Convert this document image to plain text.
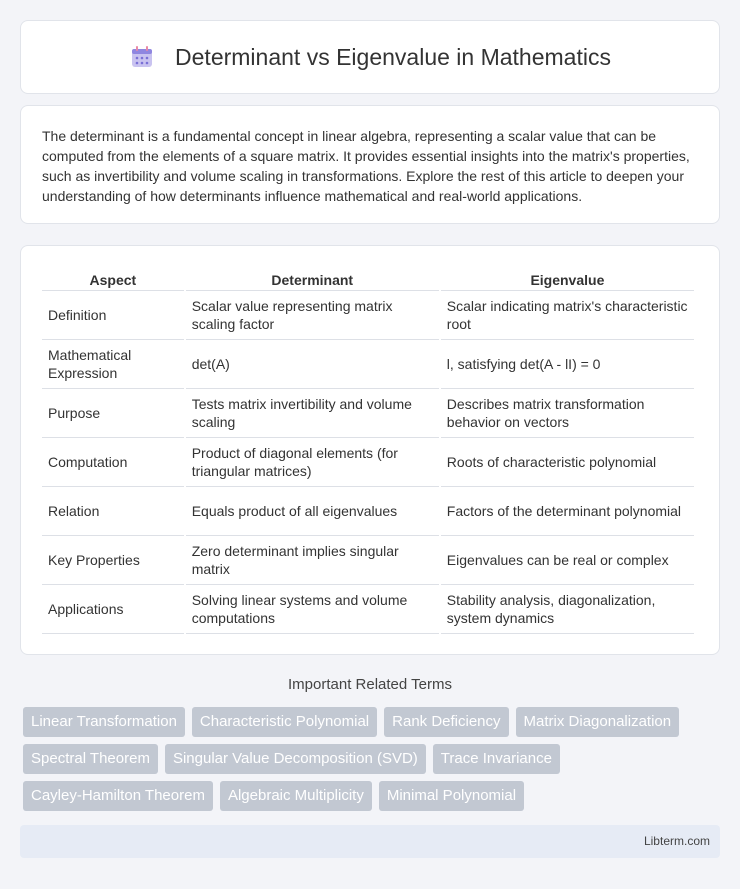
Determinant vs Eigenvalue in Mathematics

The determinant is a fundamental concept in linear algebra, representing a scalar value that can be computed from the elements of a square matrix. It provides essential insights into the matrix's properties, such as invertibility and volume scaling in transformations. Explore the rest of this article to deepen your understanding of how determinants influence mathematical and real-world applications.

Aspect	Determinant	Eigenvalue
Definition	Scalar value representing matrix scaling factor	Scalar indicating matrix's characteristic root
Mathematical Expression	det(A)	l, satisfying det(A - lI) = 0
Purpose	Tests matrix invertibility and volume scaling	Describes matrix transformation behavior on vectors
Computation	Product of diagonal elements (for triangular matrices)	Roots of characteristic polynomial
Relation	Equals product of all eigenvalues	Factors of the determinant polynomial
Key Properties	Zero determinant implies singular matrix	Eigenvalues can be real or complex
Applications	Solving linear systems and volume computations	Stability analysis, diagonalization, system dynamics
Important Related Terms
Linear Transformation	Characteristic Polynomial	Rank Deficiency	Matrix Diagonalization
Spectral Theorem	Singular Value Decomposition (SVD)	Trace Invariance
Cayley-Hamilton Theorem	Algebraic Multiplicity	Minimal Polynomial
Libterm.com
